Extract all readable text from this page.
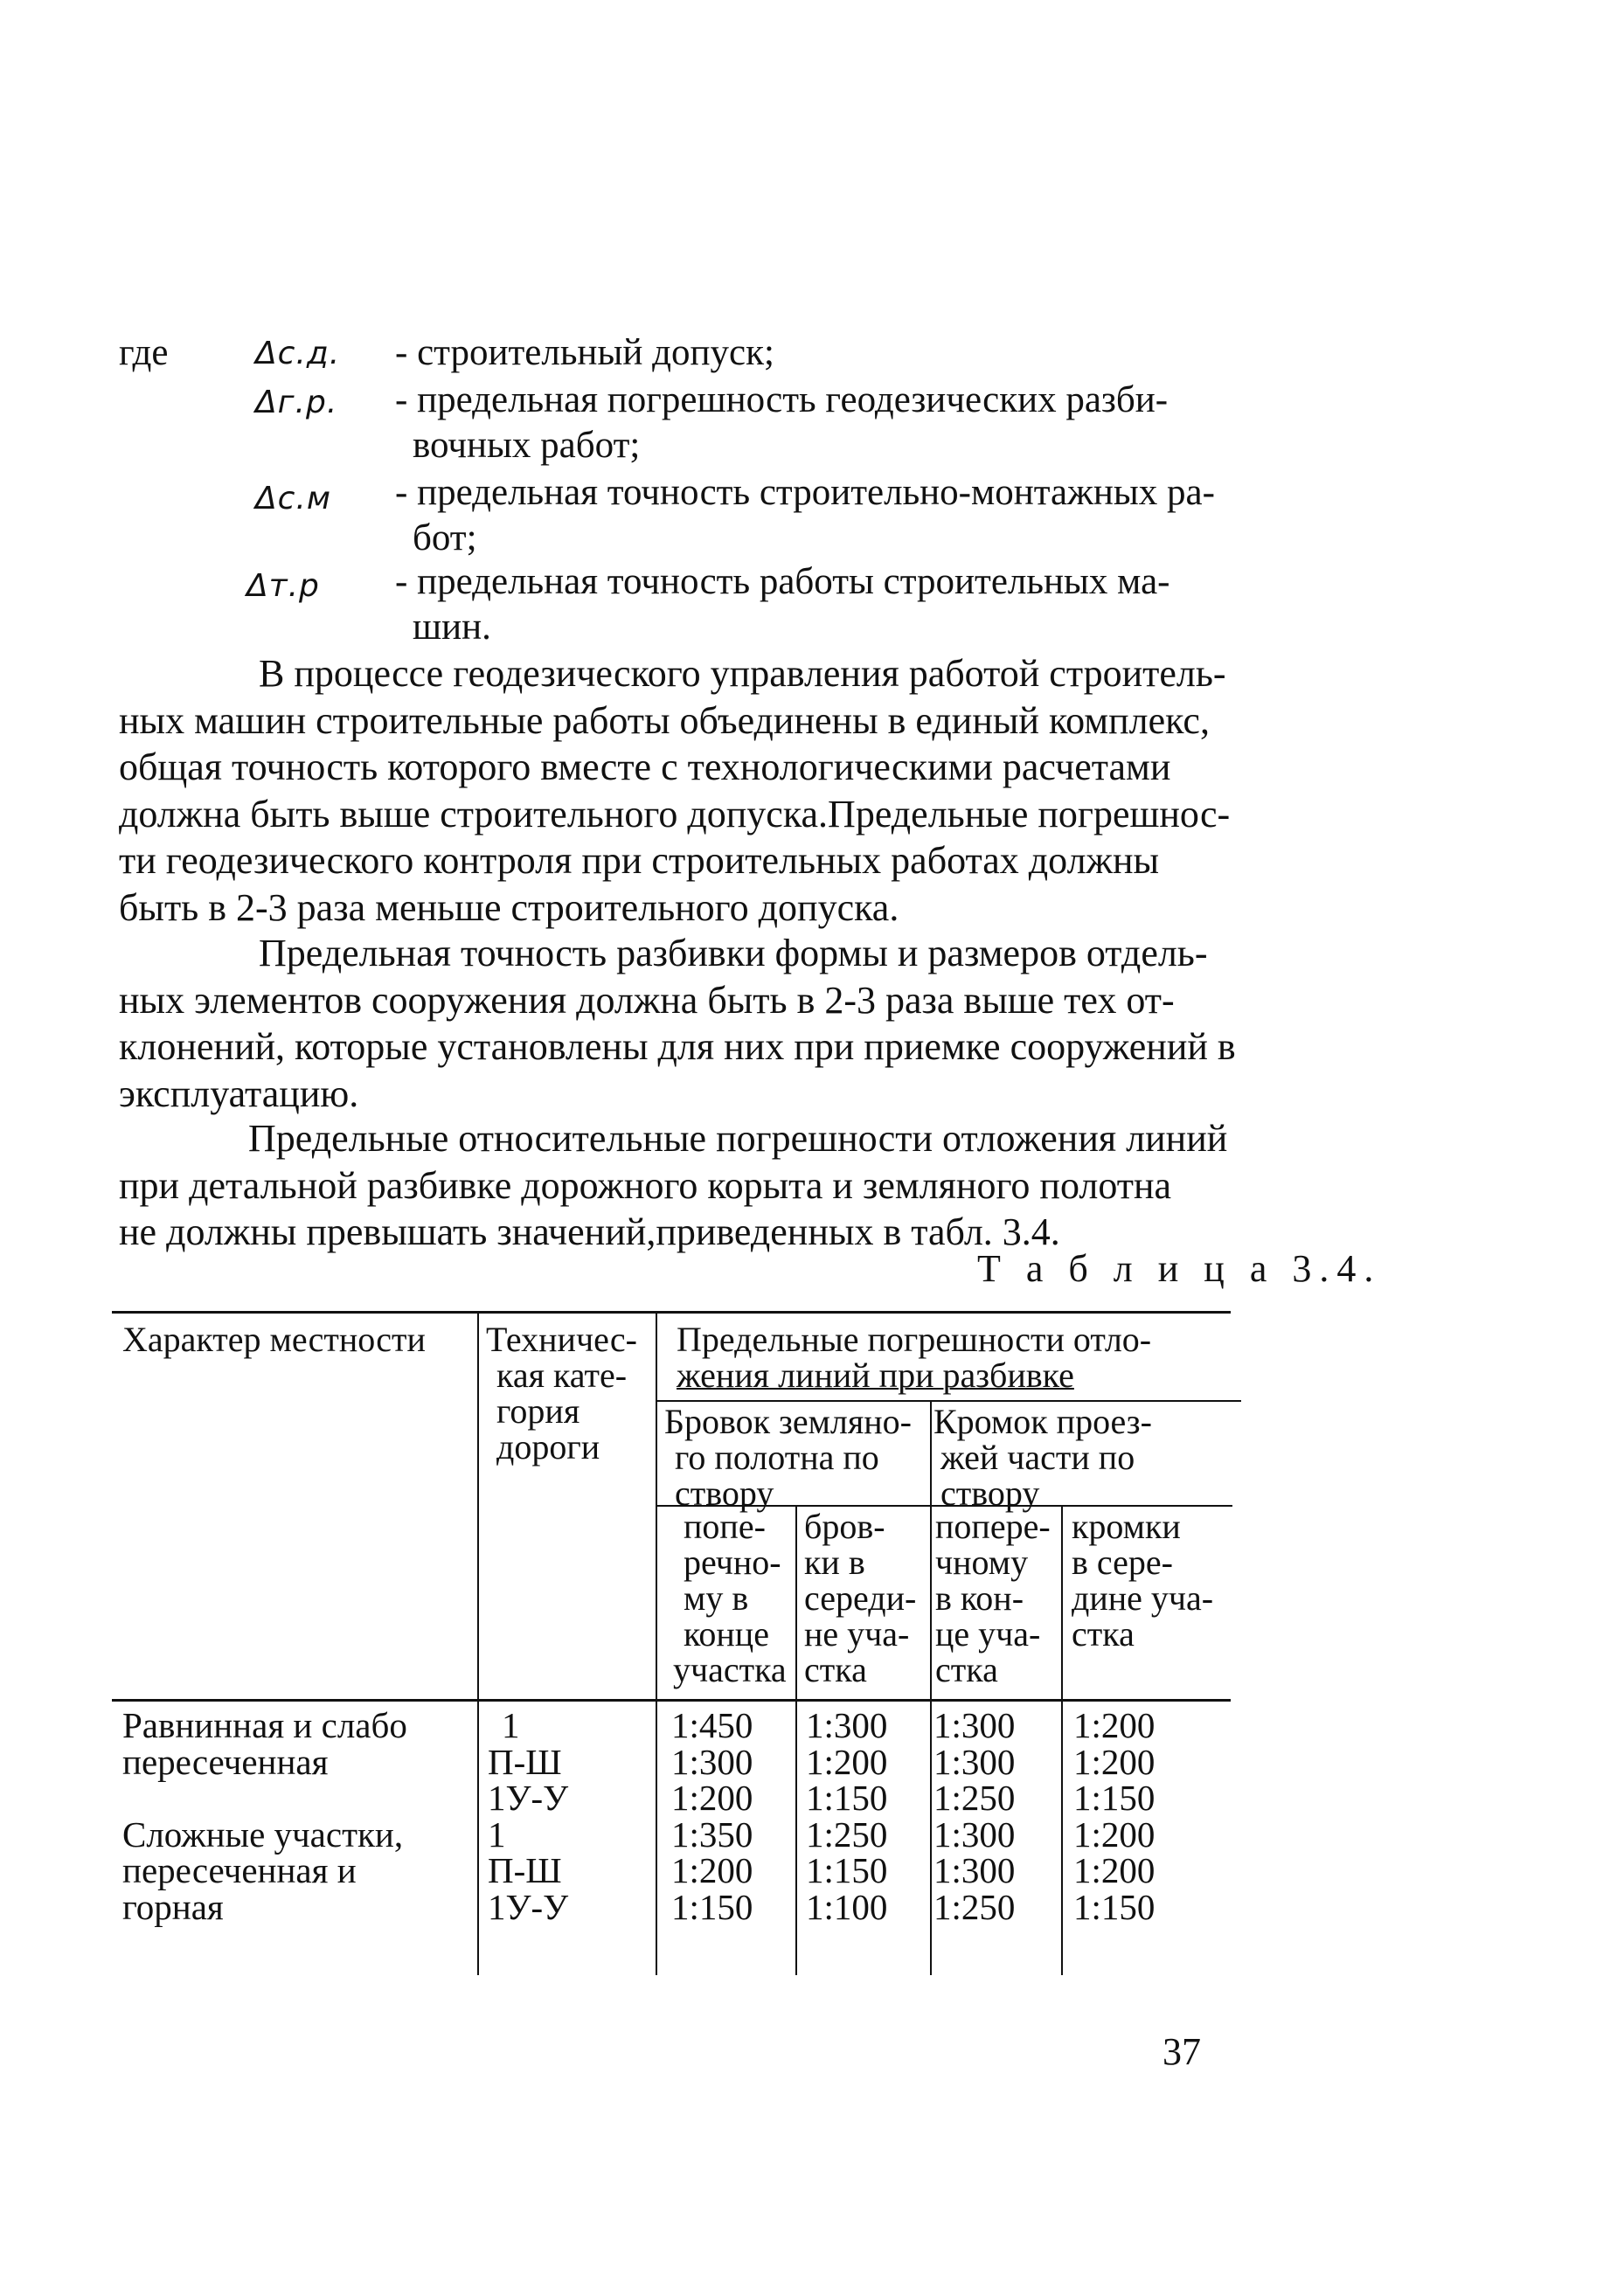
где	Δс.д. - строительный допуск;
Δг.р. - предельная погрешность геодезических разби-
вочных работ;
Δс.м - предельная точность строительно-монтажных ра-
бот;
Δт.р - предельная точность работы строительных ма-
шин.
В процессе геодезического управления работой строитель-
ных машин строительные работы объединены в единый комплекс,
общая точность которого вместе с технологическими расчетами
должна быть выше строительного допуска.Предельные погрешнос-
ти геодезического контроля при строительных работах должны
быть в 2-3 раза меньше строительного допуска.
Предельная точность разбивки формы и размеров отдель-
ных элементов сооружения должна быть в 2-3 раза выше тех от-
клонений, которые установлены для них при приемке сооружений в
эксплуатацию.
Предельные относительные погрешности отложения линий
при детальной разбивке дорожного корыта и земляного полотна
не должны превышать значений,приведенных в табл. 3.4.
Т а б л и ц а 3.4.
Характер местности Техничес-
кая кате-
гория
дороги
Предельные погрешности отло-
жения линий при разбивке
Бровок земляно-
го полотна по
створу
Кромок проез-
жей части по
створу
попе-
речно-
му в
конце
участка
бров-
ки в
середи-
не уча-
стка
попере-
чному
в кон-
це уча-
стка
кромки
в сере-
дине уча-
стка
Равнинная и слабо
пересеченная
Сложные участки,
пересеченная и
горная
1
П-Ш
1У-У
1
П-Ш
1У-У
1:450
1:300
1:200
1:350
1:200
1:150
1:300
1:200
1:150
1:250
1:150
1:100
1:300
1:300
1:250
1:300
1:300
1:250
1:200
1:200
1:150
1:200
1:200
1:150
37
